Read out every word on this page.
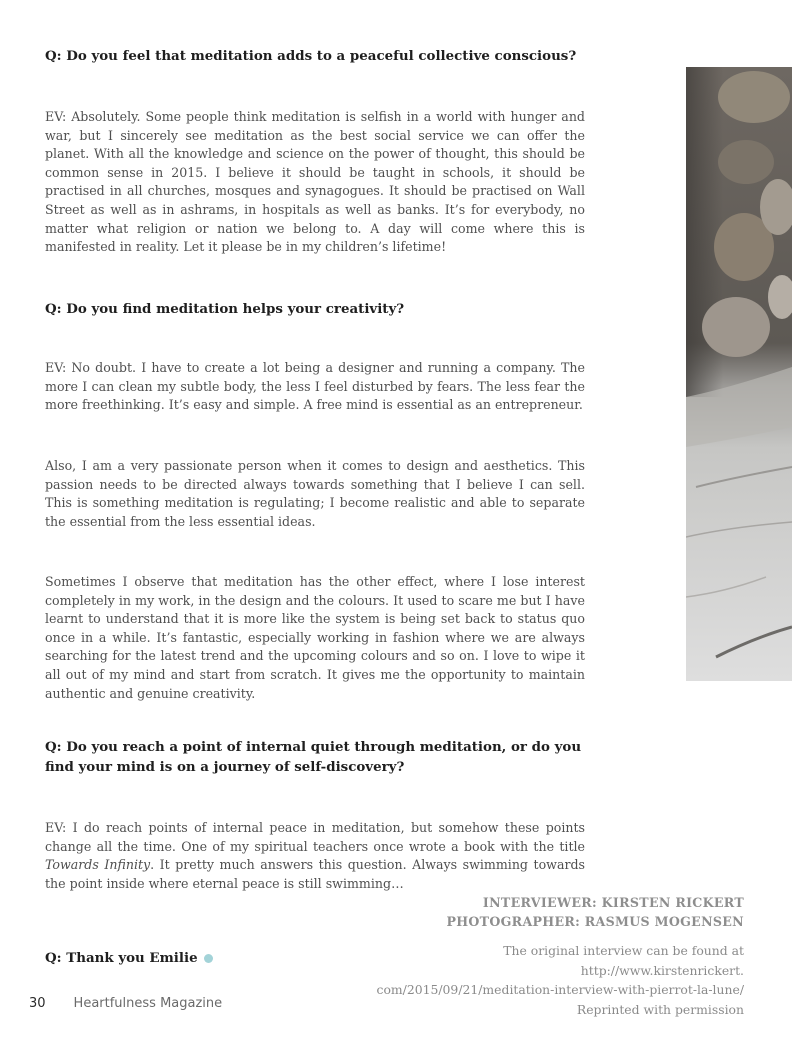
Q: Do you feel that meditation adds to a peaceful collective conscious?
EV: Absolutely. Some people think meditation is selfish in a world with hunger and war, but I sincerely see meditation as the best social service we can offer the planet. With all the knowledge and science on the power of thought, this should be common sense in 2015. I believe it should be taught in schools, it should be practised in all churches, mosques and synagogues. It should be practised on Wall Street as well as in ashrams, in hospitals as well as banks. It’s for everybody, no matter what religion or nation we belong to. A day will come where this is manifested in reality. Let it please be in my children’s lifetime!
Q: Do you find meditation helps your creativity?
EV: No doubt. I have to create a lot being a designer and running a company. The more I can clean my subtle body, the less I feel disturbed by fears. The less fear the more freethinking. It’s easy and simple. A free mind is essential as an entrepreneur.
Also, I am a very passionate person when it comes to design and aesthetics. This passion needs to be directed always towards something that I believe I can sell. This is something meditation is regulating; I become realistic and able to separate the essential from the less essential ideas.
Sometimes I observe that meditation has the other effect, where I lose interest completely in my work, in the design and the colours. It used to scare me but I have learnt to understand that it is more like the system is being set back to status quo once in a while. It’s fantastic, especially working in fashion where we are always searching for the latest trend and the upcoming colours and so on. I love to wipe it all out of my mind and start from scratch. It gives me the opportunity to maintain authentic and genuine creativity.
Q: Do you reach a point of internal quiet through meditation, or do you find your mind is on a journey of self-discovery?
EV: I do reach points of internal peace in meditation, but somehow these points change all the time. One of my spiritual teachers once wrote a book with the title Towards Infinity. It pretty much answers this question. Always swimming towards the point inside where eternal peace is still swimming…
Q: Thank you Emilie
INTERVIEWER: KIRSTEN RICKERT
PHOTOGRAPHER: RASMUS MOGENSEN
The original interview can be found at http://www.kirstenrickert.
com/2015/09/21/meditation-interview-with-pierrot-la-lune/
Reprinted with permission
30 Heartfulness Magazine
